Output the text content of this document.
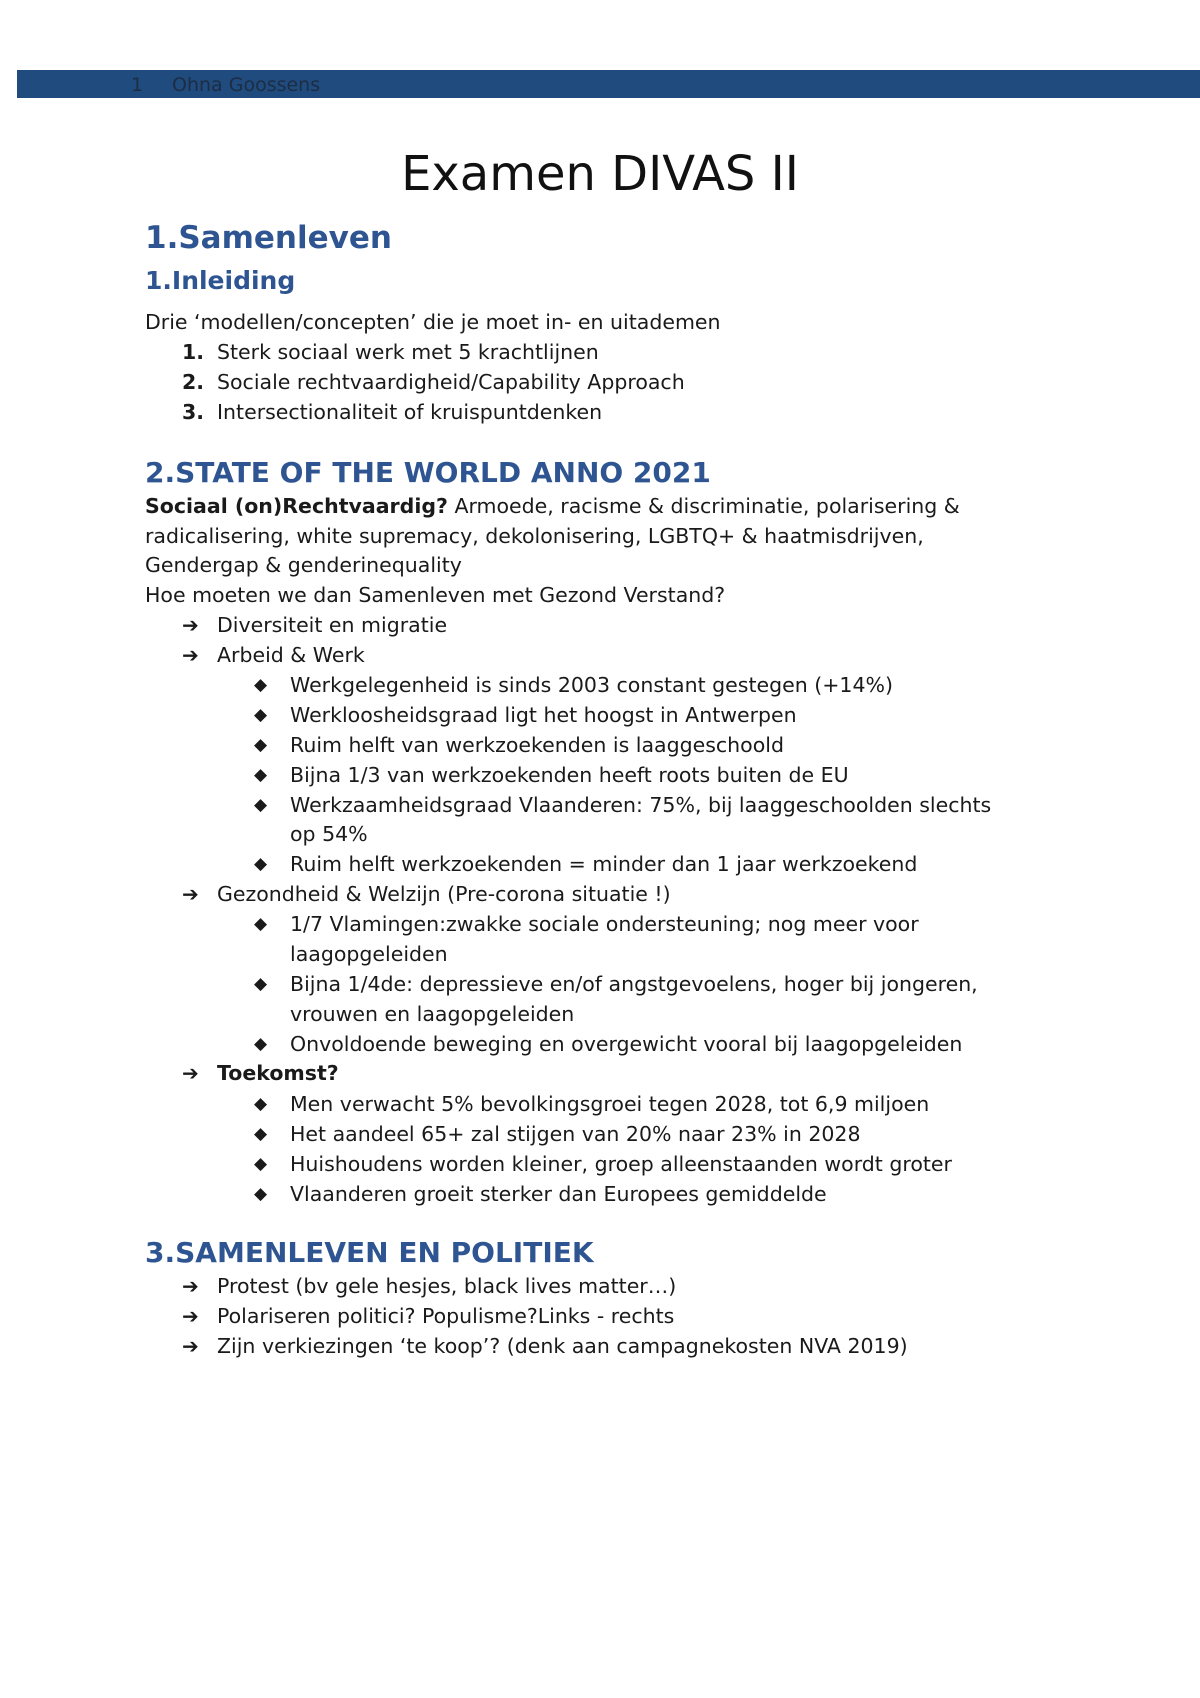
1 Ohna Goossens
Examen DIVAS II
1.Samenleven
1.Inleiding
Drie ‘modellen/concepten’ die je moet in- en uitademen
1. Sterk sociaal werk met 5 krachtlijnen
2. Sociale rechtvaardigheid/Capability Approach
3. Intersectionaliteit of kruispuntdenken
2.STATE OF THE WORLD ANNO 2021
Sociaal (on)Rechtvaardig? Armoede, racisme & discriminatie, polarisering &
radicalisering, white supremacy, dekolonisering, LGBTQ+ & haatmisdrijven,
Gendergap & genderinequality
Hoe moeten we dan Samenleven met Gezond Verstand?
➔ Diversiteit en migratie
➔ Arbeid & Werk
◆ Werkgelegenheid is sinds 2003 constant gestegen (+14%)
◆ Werkloosheidsgraad ligt het hoogst in Antwerpen
◆ Ruim helft van werkzoekenden is laaggeschoold
◆ Bijna 1/3 van werkzoekenden heeft roots buiten de EU
◆ Werkzaamheidsgraad Vlaanderen: 75%, bij laaggeschoolden slechts
op 54%
◆ Ruim helft werkzoekenden = minder dan 1 jaar werkzoekend
➔ Gezondheid & Welzijn (Pre-corona situatie !)
◆ 1/7 Vlamingen:zwakke sociale ondersteuning; nog meer voor
laagopgeleiden
◆ Bijna 1/4de: depressieve en/of angstgevoelens, hoger bij jongeren,
vrouwen en laagopgeleiden
◆ Onvoldoende beweging en overgewicht vooral bij laagopgeleiden
➔ Toekomst?
◆ Men verwacht 5% bevolkingsgroei tegen 2028, tot 6,9 miljoen
◆ Het aandeel 65+ zal stijgen van 20% naar 23% in 2028
◆ Huishoudens worden kleiner, groep alleenstaanden wordt groter
◆ Vlaanderen groeit sterker dan Europees gemiddelde
3.SAMENLEVEN EN POLITIEK
➔ Protest (bv gele hesjes, black lives matter…)
➔ Polariseren politici? Populisme?Links - rechts
➔ Zijn verkiezingen ‘te koop’? (denk aan campagnekosten NVA 2019)
